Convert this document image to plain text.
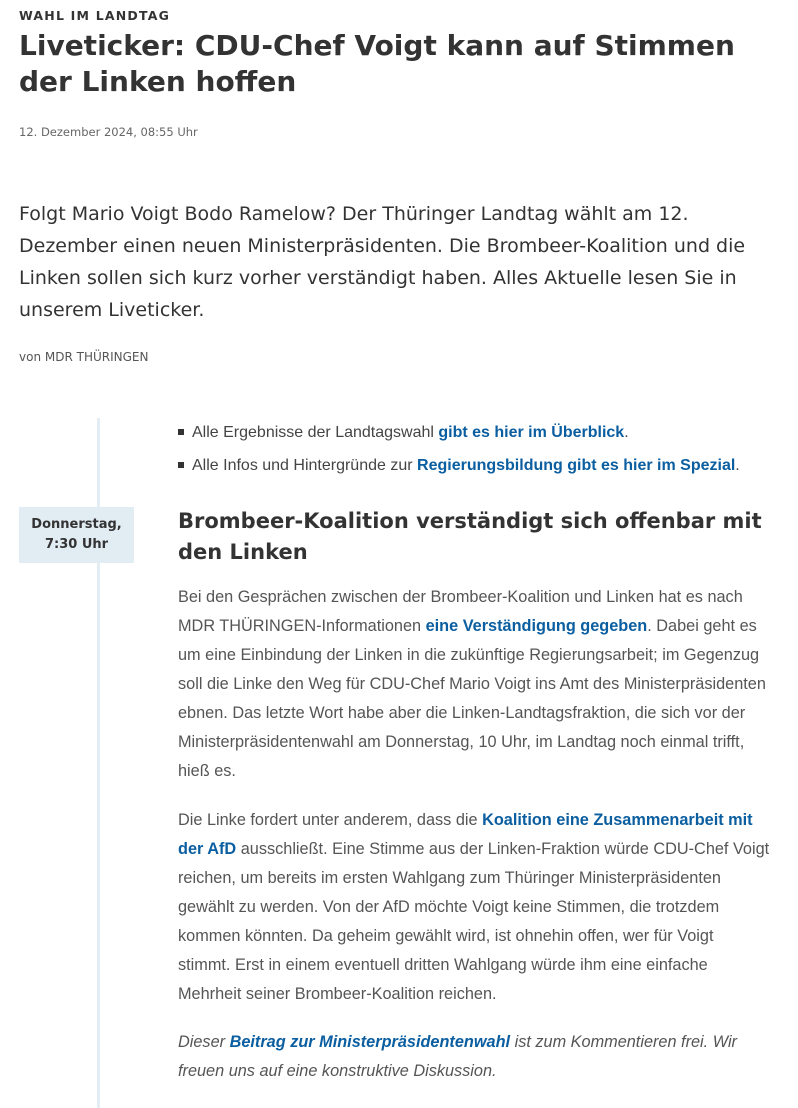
WAHL IM LANDTAG
Liveticker: CDU-Chef Voigt kann auf Stimmen der Linken hoffen
12. Dezember 2024, 08:55 Uhr

Folgt Mario Voigt Bodo Ramelow? Der Thüringer Landtag wählt am 12. Dezember einen neuen Ministerpräsidenten. Die Brombeer-Koalition und die Linken sollen sich kurz vorher verständigt haben. Alles Aktuelle lesen Sie in unserem Liveticker.

von MDR THÜRINGEN
Alle Ergebnisse der Landtagswahl gibt es hier im Überblick.
Alle Infos und Hintergründe zur Regierungsbildung gibt es hier im Spezial.
Donnerstag,
7:30 Uhr
Brombeer-Koalition verständigt sich offenbar mit den Linken

Bei den Gesprächen zwischen der Brombeer-Koalition und Linken hat es nach MDR THÜRINGEN-Informationen eine Verständigung gegeben. Dabei geht es um eine Einbindung der Linken in die zukünftige Regierungsarbeit; im Gegenzug soll die Linke den Weg für CDU-Chef Mario Voigt ins Amt des Ministerpräsidenten ebnen. Das letzte Wort habe aber die Linken-Landtagsfraktion, die sich vor der Ministerpräsidentenwahl am Donnerstag, 10 Uhr, im Landtag noch einmal trifft, hieß es.

Die Linke fordert unter anderem, dass die Koalition eine Zusammenarbeit mit der AfD ausschließt. Eine Stimme aus der Linken-Fraktion würde CDU-Chef Voigt reichen, um bereits im ersten Wahlgang zum Thüringer Ministerpräsidenten gewählt zu werden. Von der AfD möchte Voigt keine Stimmen, die trotzdem kommen könnten. Da geheim gewählt wird, ist ohnehin offen, wer für Voigt stimmt. Erst in einem eventuell dritten Wahlgang würde ihm eine einfache Mehrheit seiner Brombeer-Koalition reichen.

Dieser Beitrag zur Ministerpräsidentenwahl ist zum Kommentieren frei. Wir freuen uns auf eine konstruktive Diskussion.
